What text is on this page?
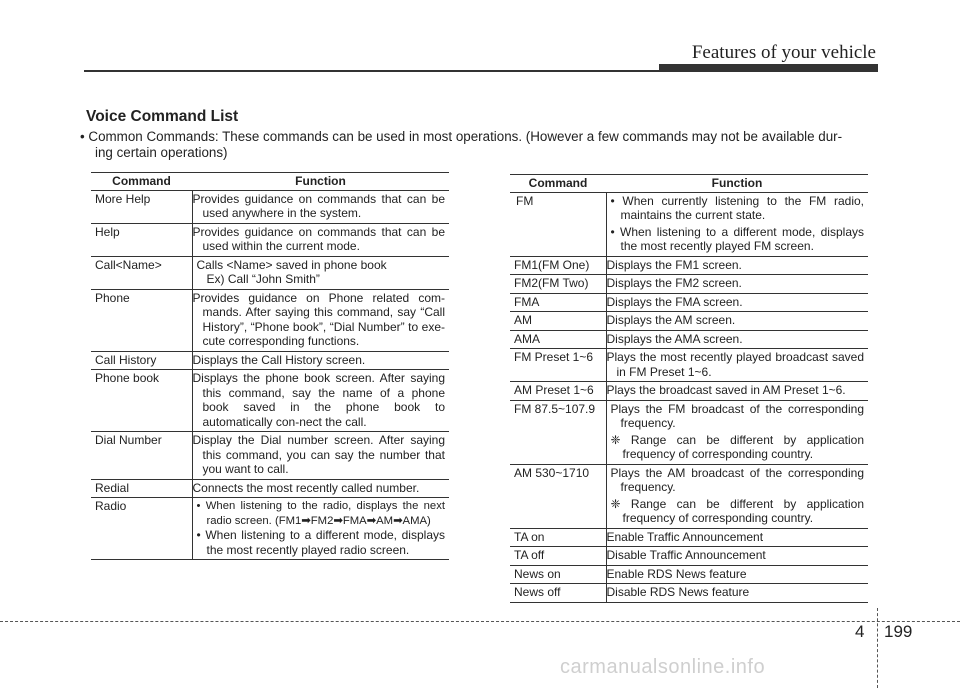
Features of your vehicle
Voice Command List
• Common Commands: These commands can be used in most operations. (However a few commands may not be available dur-
ing certain operations)
Command	Function
More Help	Provides guidance on commands that can be used anywhere in the system.
Help	Provides guidance on commands that can be used within the current mode.
Call<Name>	Calls <Name> saved in phone book
Ex) Call “John Smith”

Phone	Provides guidance on Phone related com-mands. After saying this command, say “Call History”, “Phone book”, “Dial Number” to exe-cute corresponding functions.
Call History	Displays the Call History screen.
Phone book	Displays the phone book screen. After saying this command, say the name of a phone book saved in the phone book to automatically con-nect the call.
Dial Number	Display the Dial number screen. After saying this command, you can say the number that you want to call.
Redial	Connects the most recently called number.
Radio	• When listening to the radio, displays the next radio screen. (FM1➡FM2➡FMA➡AM➡AMA)
• When listening to a different mode, displays the most recently played radio screen.
Command	Function
FM	• When currently listening to the FM radio, maintains the current state.
• When listening to a different mode, displays the most recently played FM screen.

FM1(FM One)	Displays the FM1 screen.
FM2(FM Two)	Displays the FM2 screen.
FMA	Displays the FMA screen.
AM	Displays the AM screen.
AMA	Displays the AMA screen.
FM Preset 1~6	Plays the most recently played broadcast saved in FM Preset 1~6.
AM Preset 1~6	Plays the broadcast saved in AM Preset 1~6.
FM 87.5~107.9	Plays the FM broadcast of the corresponding frequency.
❈ Range can be different by application frequency of corresponding country.

AM 530~1710	Plays the AM broadcast of the corresponding frequency.
❈ Range can be different by application frequency of corresponding country.

TA on	Enable Traffic Announcement
TA off	Disable Traffic Announcement
News on	Enable RDS News feature
News off	Disable RDS News feature
4 199
carmanualsonline.info
